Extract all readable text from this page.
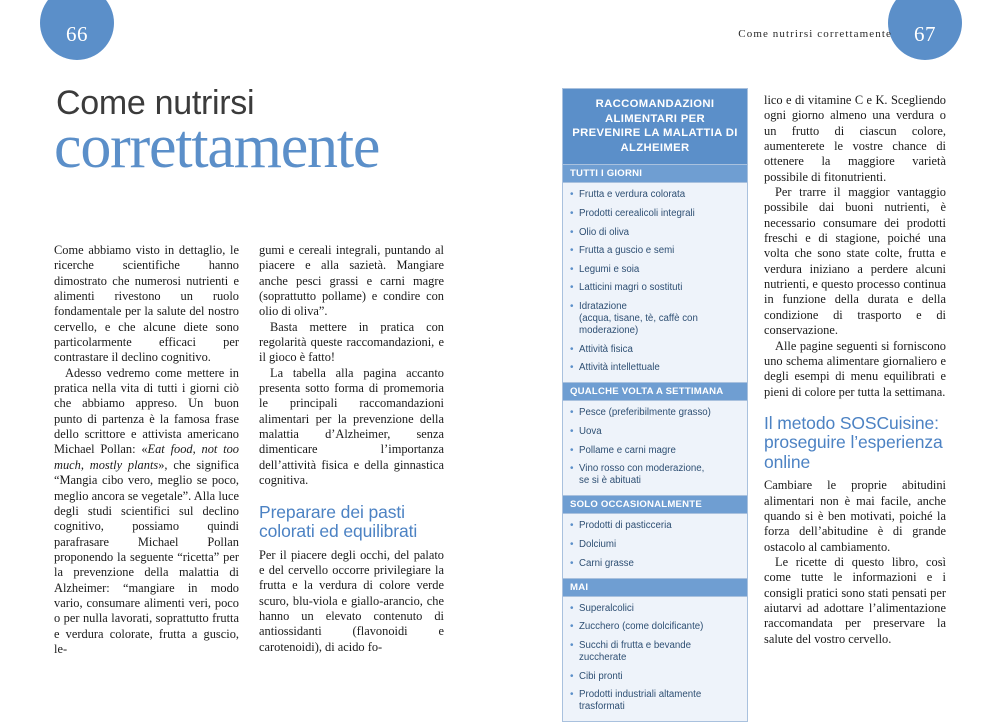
66	67
Come nutrirsi correttamente
Come nutrirsi
correttamente

Come abbiamo visto in dettaglio, le ricerche scientifiche hanno dimostrato che numerosi nutrienti e alimenti rivestono un ruolo fondamentale per la salute del nostro cervello, e che alcune diete sono particolarmente efficaci per contrastare il declino cognitivo.

Adesso vedremo come mettere in pratica nella vita di tutti i giorni ciò che abbiamo appreso. Un buon punto di partenza è la famosa frase dello scrittore e attivista americano Michael Pollan: «Eat food, not too much, mostly plants», che significa “Mangia cibo vero, meglio se poco, meglio ancora se vegetale”. Alla luce degli studi scientifici sul declino cognitivo, possiamo quindi parafrasare Michael Pollan proponendo la seguente “ricetta” per la prevenzione della malattia di Alzheimer: “mangiare in modo vario, consumare alimenti veri, poco o per nulla lavorati, soprattutto frutta e verdura colorate, frutta a guscio, le-

gumi e cereali integrali, puntando al piacere e alla sazietà. Mangiare anche pesci grassi e carni magre (soprattutto pollame) e condire con olio di oliva”.

Basta mettere in pratica con regolarità queste raccomandazioni, e il gioco è fatto!

La tabella alla pagina accanto presenta sotto forma di promemoria le principali raccomandazioni alimentari per la prevenzione della malattia d’Alzheimer, senza dimenticare l’importanza dell’attività fisica e della ginnastica cognitiva.

Preparare dei pasti colorati ed equilibrati

Per il piacere degli occhi, del palato e del cervello occorre privilegiare la frutta e la verdura di colore verde scuro, blu-viola e giallo-arancio, che hanno un elevato contenuto di antiossidanti (flavonoidi e carotenoidi), di acido fo-

lico e di vitamine C e K. Scegliendo ogni giorno almeno una verdura o un frutto di ciascun colore, aumenterete le vostre chance di ottenere la maggiore varietà possibile di fitonutrienti.

Per trarre il maggior vantaggio possibile dai buoni nutrienti, è necessario consumare dei prodotti freschi e di stagione, poiché una volta che sono state colte, frutta e verdura iniziano a perdere alcuni nutrienti, e questo processo continua in funzione della durata e della condizione di trasporto e di conservazione.

Alle pagine seguenti si forniscono uno schema alimentare giornaliero e degli esempi di menu equilibrati e pieni di colore per tutta la settimana.

Il metodo SOSCuisine: proseguire l’esperienza online

Cambiare le proprie abitudini alimentari non è mai facile, anche quando si è ben motivati, poiché la forza dell’abitudine è di grande ostacolo al cambiamento.

Le ricette di questo libro, così come tutte le informazioni e i consigli pratici sono stati pensati per aiutarvi ad adottare l’alimentazione raccomandata per preservare la salute del vostro cervello.

RACCOMANDAZIONI ALIMENTARI PER PREVENIRE LA MALATTIA DI ALZHEIMER
TUTTI I GIORNI
• Frutta e verdura colorata
• Prodotti cerealicoli integrali
• Olio di oliva
• Frutta a guscio e semi
• Legumi e soia
• Latticini magri o sostituti
• Idratazione
(acqua, tisane, tè, caffè con moderazione)
• Attività fisica
• Attività intellettuale
QUALCHE VOLTA A SETTIMANA
• Pesce (preferibilmente grasso)
• Uova
• Pollame e carni magre
• Vino rosso con moderazione,
se si è abituati
SOLO OCCASIONALMENTE
• Prodotti di pasticceria
• Dolciumi
• Carni grasse
MAI
• Superalcolici
• Zucchero (come dolcificante)
• Succhi di frutta e bevande zuccherate
• Cibi pronti
• Prodotti industriali altamente trasformati
